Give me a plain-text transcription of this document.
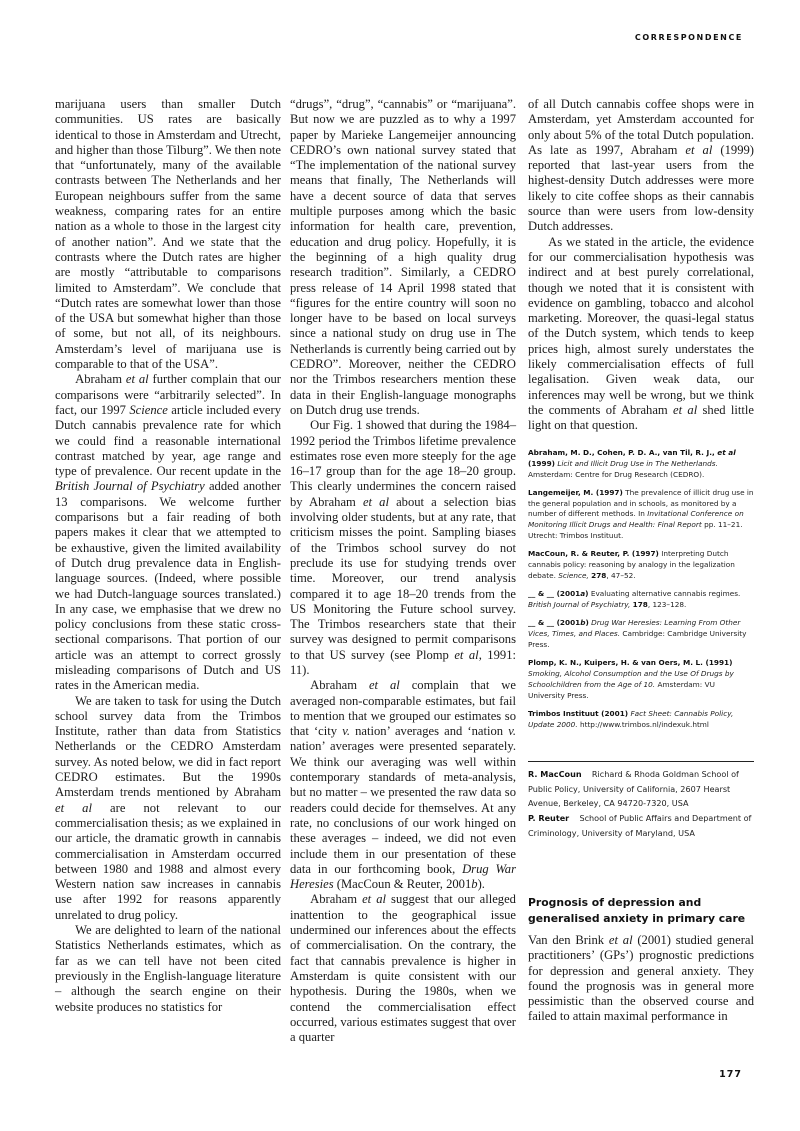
CORRESPONDENCE

marijuana users than smaller Dutch communities. US rates are basically identical to those in Amsterdam and Utrecht, and higher than those Tilburg”. We then note that “unfortunately, many of the available contrasts between The Netherlands and her European neighbours suffer from the same weakness, comparing rates for an entire nation as a whole to those in the largest city of another nation”. And we state that the contrasts where the Dutch rates are higher are mostly “attributable to comparisons limited to Amsterdam”. We conclude that “Dutch rates are somewhat lower than those of the USA but somewhat higher than those of some, but not all, of its neighbours. Amsterdam’s level of marijuana use is comparable to that of the USA”.

Abraham et al further complain that our comparisons were “arbitrarily selected”. In fact, our 1997 Science article included every Dutch cannabis prevalence rate for which we could find a reasonable international contrast matched by year, age range and type of prevalence. Our recent update in the British Journal of Psychiatry added another 13 comparisons. We welcome further comparisons but a fair reading of both papers makes it clear that we attempted to be exhaustive, given the limited availability of Dutch drug prevalence data in English-language sources. (Indeed, where possible we had Dutch-language sources translated.) In any case, we emphasise that we drew no policy conclusions from these static cross-sectional comparisons. That portion of our article was an attempt to correct grossly misleading comparisons of Dutch and US rates in the American media.

We are taken to task for using the Dutch school survey data from the Trimbos Institute, rather than data from Statistics Netherlands or the CEDRO Amsterdam survey. As noted below, we did in fact report CEDRO estimates. But the 1990s Amsterdam trends mentioned by Abraham et al are not relevant to our commercialisation thesis; as we explained in our article, the dramatic growth in cannabis commercialisation in Amsterdam occurred between 1980 and 1988 and almost every Western nation saw increases in cannabis use after 1992 for reasons apparently unrelated to drug policy.

We are delighted to learn of the national Statistics Netherlands estimates, which as far as we can tell have not been cited previously in the English-language literature – although the search engine on their website produces no statistics for

“drugs”, “drug”, “cannabis” or “marijuana”. But now we are puzzled as to why a 1997 paper by Marieke Langemeijer announcing CEDRO’s own national survey stated that “The implementation of the national survey means that finally, The Netherlands will have a decent source of data that serves multiple purposes among which the basic information for health care, prevention, education and drug policy. Hopefully, it is the beginning of a high quality drug research tradition”. Similarly, a CEDRO press release of 14 April 1998 stated that “figures for the entire country will soon no longer have to be based on local surveys since a national study on drug use in The Netherlands is currently being carried out by CEDRO”. Moreover, neither the CEDRO nor the Trimbos researchers mention these data in their English-language monographs on Dutch drug use trends.

Our Fig. 1 showed that during the 1984–1992 period the Trimbos lifetime prevalence estimates rose even more steeply for the age 16–17 group than for the age 18–20 group. This clearly undermines the concern raised by Abraham et al about a selection bias involving older students, but at any rate, that criticism misses the point. Sampling biases of the Trimbos school survey do not preclude its use for studying trends over time. Moreover, our trend analysis compared it to age 18–20 trends from the US Monitoring the Future school survey. The Trimbos researchers state that their survey was designed to permit comparisons to that US survey (see Plomp et al, 1991: 11).

Abraham et al complain that we averaged non-comparable estimates, but fail to mention that we grouped our estimates so that ‘city v. nation’ averages and ‘nation v. nation’ averages were presented separately. We think our averaging was well within contemporary standards of meta-analysis, but no matter – we presented the raw data so readers could decide for themselves. At any rate, no conclusions of our work hinged on these averages – indeed, we did not even include them in our presentation of these data in our forthcoming book, Drug War Heresies (MacCoun & Reuter, 2001b).

Abraham et al suggest that our alleged inattention to the geographical issue undermined our inferences about the effects of commercialisation. On the contrary, the fact that cannabis prevalence is higher in Amsterdam is quite consistent with our hypothesis. During the 1980s, when we contend the commercialisation effect occurred, various estimates suggest that over a quarter

of all Dutch cannabis coffee shops were in Amsterdam, yet Amsterdam accounted for only about 5% of the total Dutch population. As late as 1997, Abraham et al (1999) reported that last-year users from the highest-density Dutch addresses were more likely to cite coffee shops as their cannabis source than were users from low-density Dutch addresses.

As we stated in the article, the evidence for our commercialisation hypothesis was indirect and at best purely correlational, though we noted that it is consistent with evidence on gambling, tobacco and alcohol marketing. Moreover, the quasi-legal status of the Dutch system, which tends to keep prices high, almost surely understates the likely commercialisation effects of full legalisation. Given weak data, our inferences may well be wrong, but we think the comments of Abraham et al shed little light on that question.

Abraham, M. D., Cohen, P. D. A., van Til, R. J., et al (1999) Licit and Illicit Drug Use in The Netherlands. Amsterdam: Centre for Drug Research (CEDRO).

Langemeijer, M. (1997) The prevalence of illicit drug use in the general population and in schools, as monitored by a number of different methods. In Invitational Conference on Monitoring Illicit Drugs and Health: Final Report pp. 11–21. Utrecht: Trimbos Instituut.

MacCoun, R. & Reuter, P. (1997) Interpreting Dutch cannabis policy: reasoning by analogy in the legalization debate. Science, 278, 47–52.

__ & __ (2001a) Evaluating alternative cannabis regimes. British Journal of Psychiatry, 178, 123–128.

__ & __ (2001b) Drug War Heresies: Learning From Other Vices, Times, and Places. Cambridge: Cambridge University Press.

Plomp, K. N., Kuipers, H. & van Oers, M. L. (1991) Smoking, Alcohol Consumption and the Use Of Drugs by Schoolchildren from the Age of 10. Amsterdam: VU University Press.

Trimbos Instituut (2001) Fact Sheet: Cannabis Policy, Update 2000. http://www.trimbos.nl/indexuk.html

R. MacCoun Richard & Rhoda Goldman School of Public Policy, University of California, 2607 Hearst Avenue, Berkeley, CA 94720-7320, USA

P. Reuter School of Public Affairs and Department of Criminology, University of Maryland, USA

Prognosis of depression and generalised anxiety in primary care

Van den Brink et al (2001) studied general practitioners’ (GPs’) prognostic predictions for depression and general anxiety. They found the prognosis was in general more pessimistic than the observed course and failed to attain maximal performance in

177
